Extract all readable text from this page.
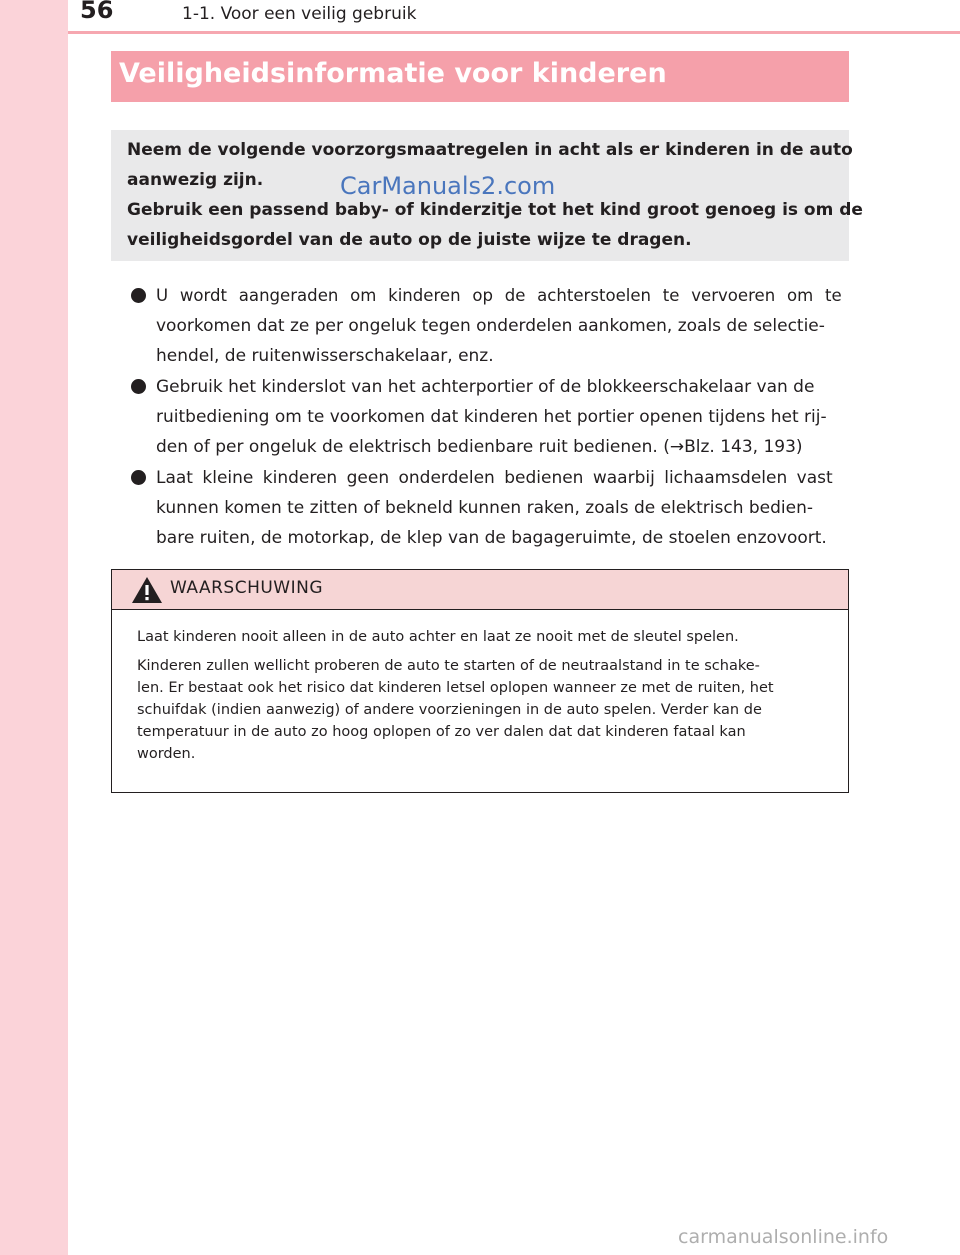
56	1-1. Voor een veilig gebruik
Veiligheidsinformatie voor kinderen
Neem de volgende voorzorgsmaatregelen in acht als er kinderen in de auto
aanwezig zijn.
Gebruik een passend baby- of kinderzitje tot het kind groot genoeg is om de
veiligheidsgordel van de auto op de juiste wijze te dragen.
CarManuals2.com
U wordt aangeraden om kinderen op de achterstoelen te vervoeren om te
voorkomen dat ze per ongeluk tegen onderdelen aankomen, zoals de selectie-
hendel, de ruitenwisserschakelaar, enz.
Gebruik het kinderslot van het achterportier of de blokkeerschakelaar van de
ruitbediening om te voorkomen dat kinderen het portier openen tijdens het rij-
den of per ongeluk de elektrisch bedienbare ruit bedienen. (→Blz. 143, 193)
Laat kleine kinderen geen onderdelen bedienen waarbij lichaamsdelen vast
kunnen komen te zitten of bekneld kunnen raken, zoals de elektrisch bedien-
bare ruiten, de motorkap, de klep van de bagageruimte, de stoelen enzovoort.
WAARSCHUWING
Laat kinderen nooit alleen in de auto achter en laat ze nooit met de sleutel spelen.
Kinderen zullen wellicht proberen de auto te starten of de neutraalstand in te schake-
len. Er bestaat ook het risico dat kinderen letsel oplopen wanneer ze met de ruiten, het
schuifdak (indien aanwezig) of andere voorzieningen in de auto spelen. Verder kan de
temperatuur in de auto zo hoog oplopen of zo ver dalen dat dat kinderen fataal kan
worden.
carmanualsonline.info
